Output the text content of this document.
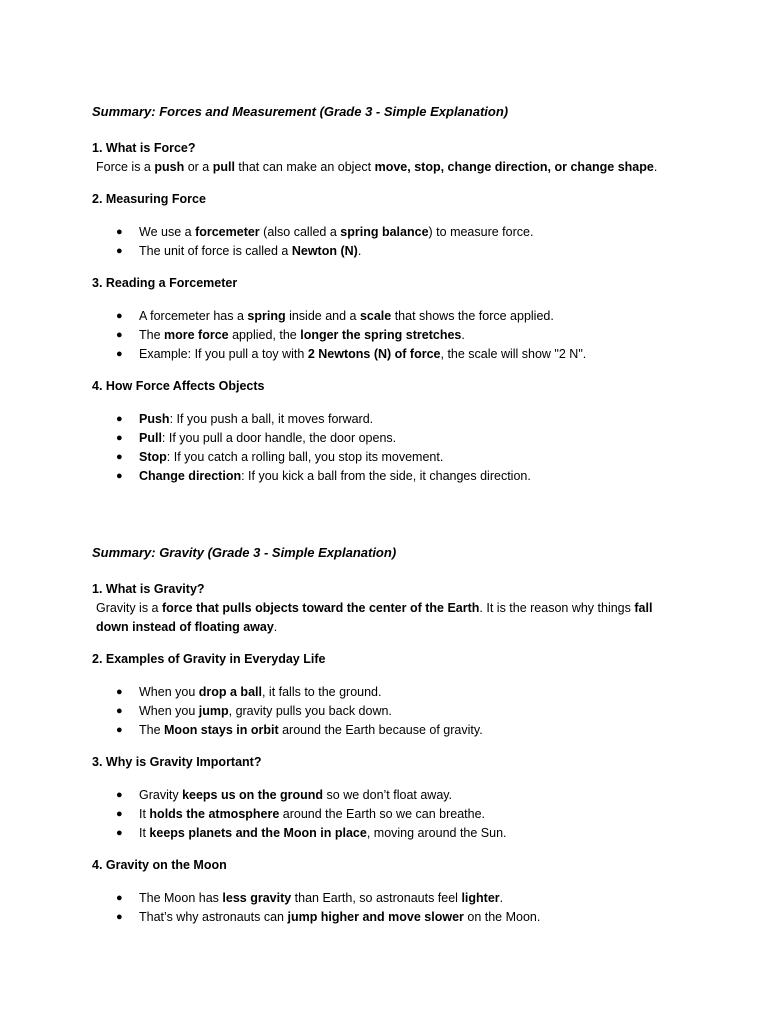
Summary: Forces and Measurement (Grade 3 - Simple Explanation)

1. What is Force?

Force is a push or a pull that can make an object move, stop, change direction, or change shape.

2. Measuring Force

● We use a forcemeter (also called a spring balance) to measure force.
● The unit of force is called a Newton (N).

3. Reading a Forcemeter

● A forcemeter has a spring inside and a scale that shows the force applied.
● The more force applied, the longer the spring stretches.
● Example: If you pull a toy with 2 Newtons (N) of force, the scale will show "2 N".

4. How Force Affects Objects

● Push: If you push a ball, it moves forward.
● Pull: If you pull a door handle, the door opens.
● Stop: If you catch a rolling ball, you stop its movement.
● Change direction: If you kick a ball from the side, it changes direction.

Summary: Gravity (Grade 3 - Simple Explanation)

1. What is Gravity?

Gravity is a force that pulls objects toward the center of the Earth. It is the reason why things fall down instead of floating away.

2. Examples of Gravity in Everyday Life

● When you drop a ball, it falls to the ground.
● When you jump, gravity pulls you back down.
● The Moon stays in orbit around the Earth because of gravity.

3. Why is Gravity Important?

● Gravity keeps us on the ground so we don’t float away.
● It holds the atmosphere around the Earth so we can breathe.
● It keeps planets and the Moon in place, moving around the Sun.

4. Gravity on the Moon

● The Moon has less gravity than Earth, so astronauts feel lighter.
● That’s why astronauts can jump higher and move slower on the Moon.
